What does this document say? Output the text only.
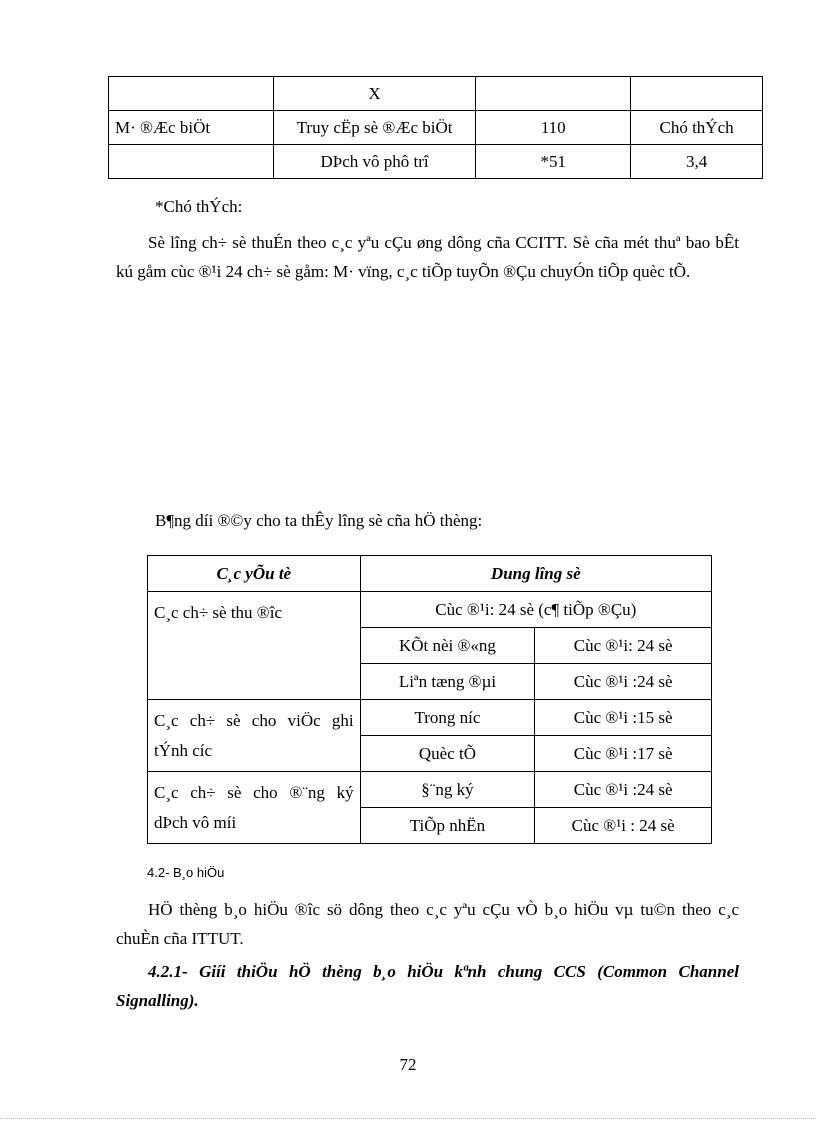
	X		
M· ®Æc biÖt	Truy cËp sè ®Æc biÖt	110	Chó thÝch
	DÞch vô phô trî	*51	3,4
*Chó thÝch:
Sè lîng ch÷ sè thuÉn theo c¸c yªu cÇu øng dông cña CCITT. Sè cña mét thuª bao bÊt kú gåm cùc ®¹i 24 ch÷ sè gåm: M· vïng, c¸c tiÕp tuyÕn ®Çu chuyÓn tiÕp quèc tÕ.
B¶ng díi ®©y cho ta thÊy lîng sè cña hÖ thèng:
C¸c yÕu tè	Dung lîng sè	
C¸c ch÷ sè thu ®îc	Cùc ®¹i: 24 sè (c¶ tiÕp ®Çu)	
	KÕt nèi ®«ng	Cùc ®¹i: 24 sè
	Liªn tæng ®µi	Cùc ®¹i :24 sè
C¸c ch÷ sè cho viÖc ghi tÝnh cíc	Trong níc	Cùc ®¹i :15 sè
	Quèc tÕ	Cùc ®¹i :17 sè
C¸c ch÷ sè cho ®¨ng ký dÞch vô míi	§¨ng ký	Cùc ®¹i :24 sè
	TiÕp nhËn	Cùc ®¹i : 24 sè
4.2- B¸o hiÖu
HÖ thèng b¸o hiÖu ®îc sö dông theo c¸c yªu cÇu vÒ b¸o hiÖu vµ tu©n theo c¸c chuÈn cña ITTUT.
4.2.1- Giíi thiÖu hÖ thèng b¸o hiÖu kªnh chung CCS (Common Channel Signalling).
72
